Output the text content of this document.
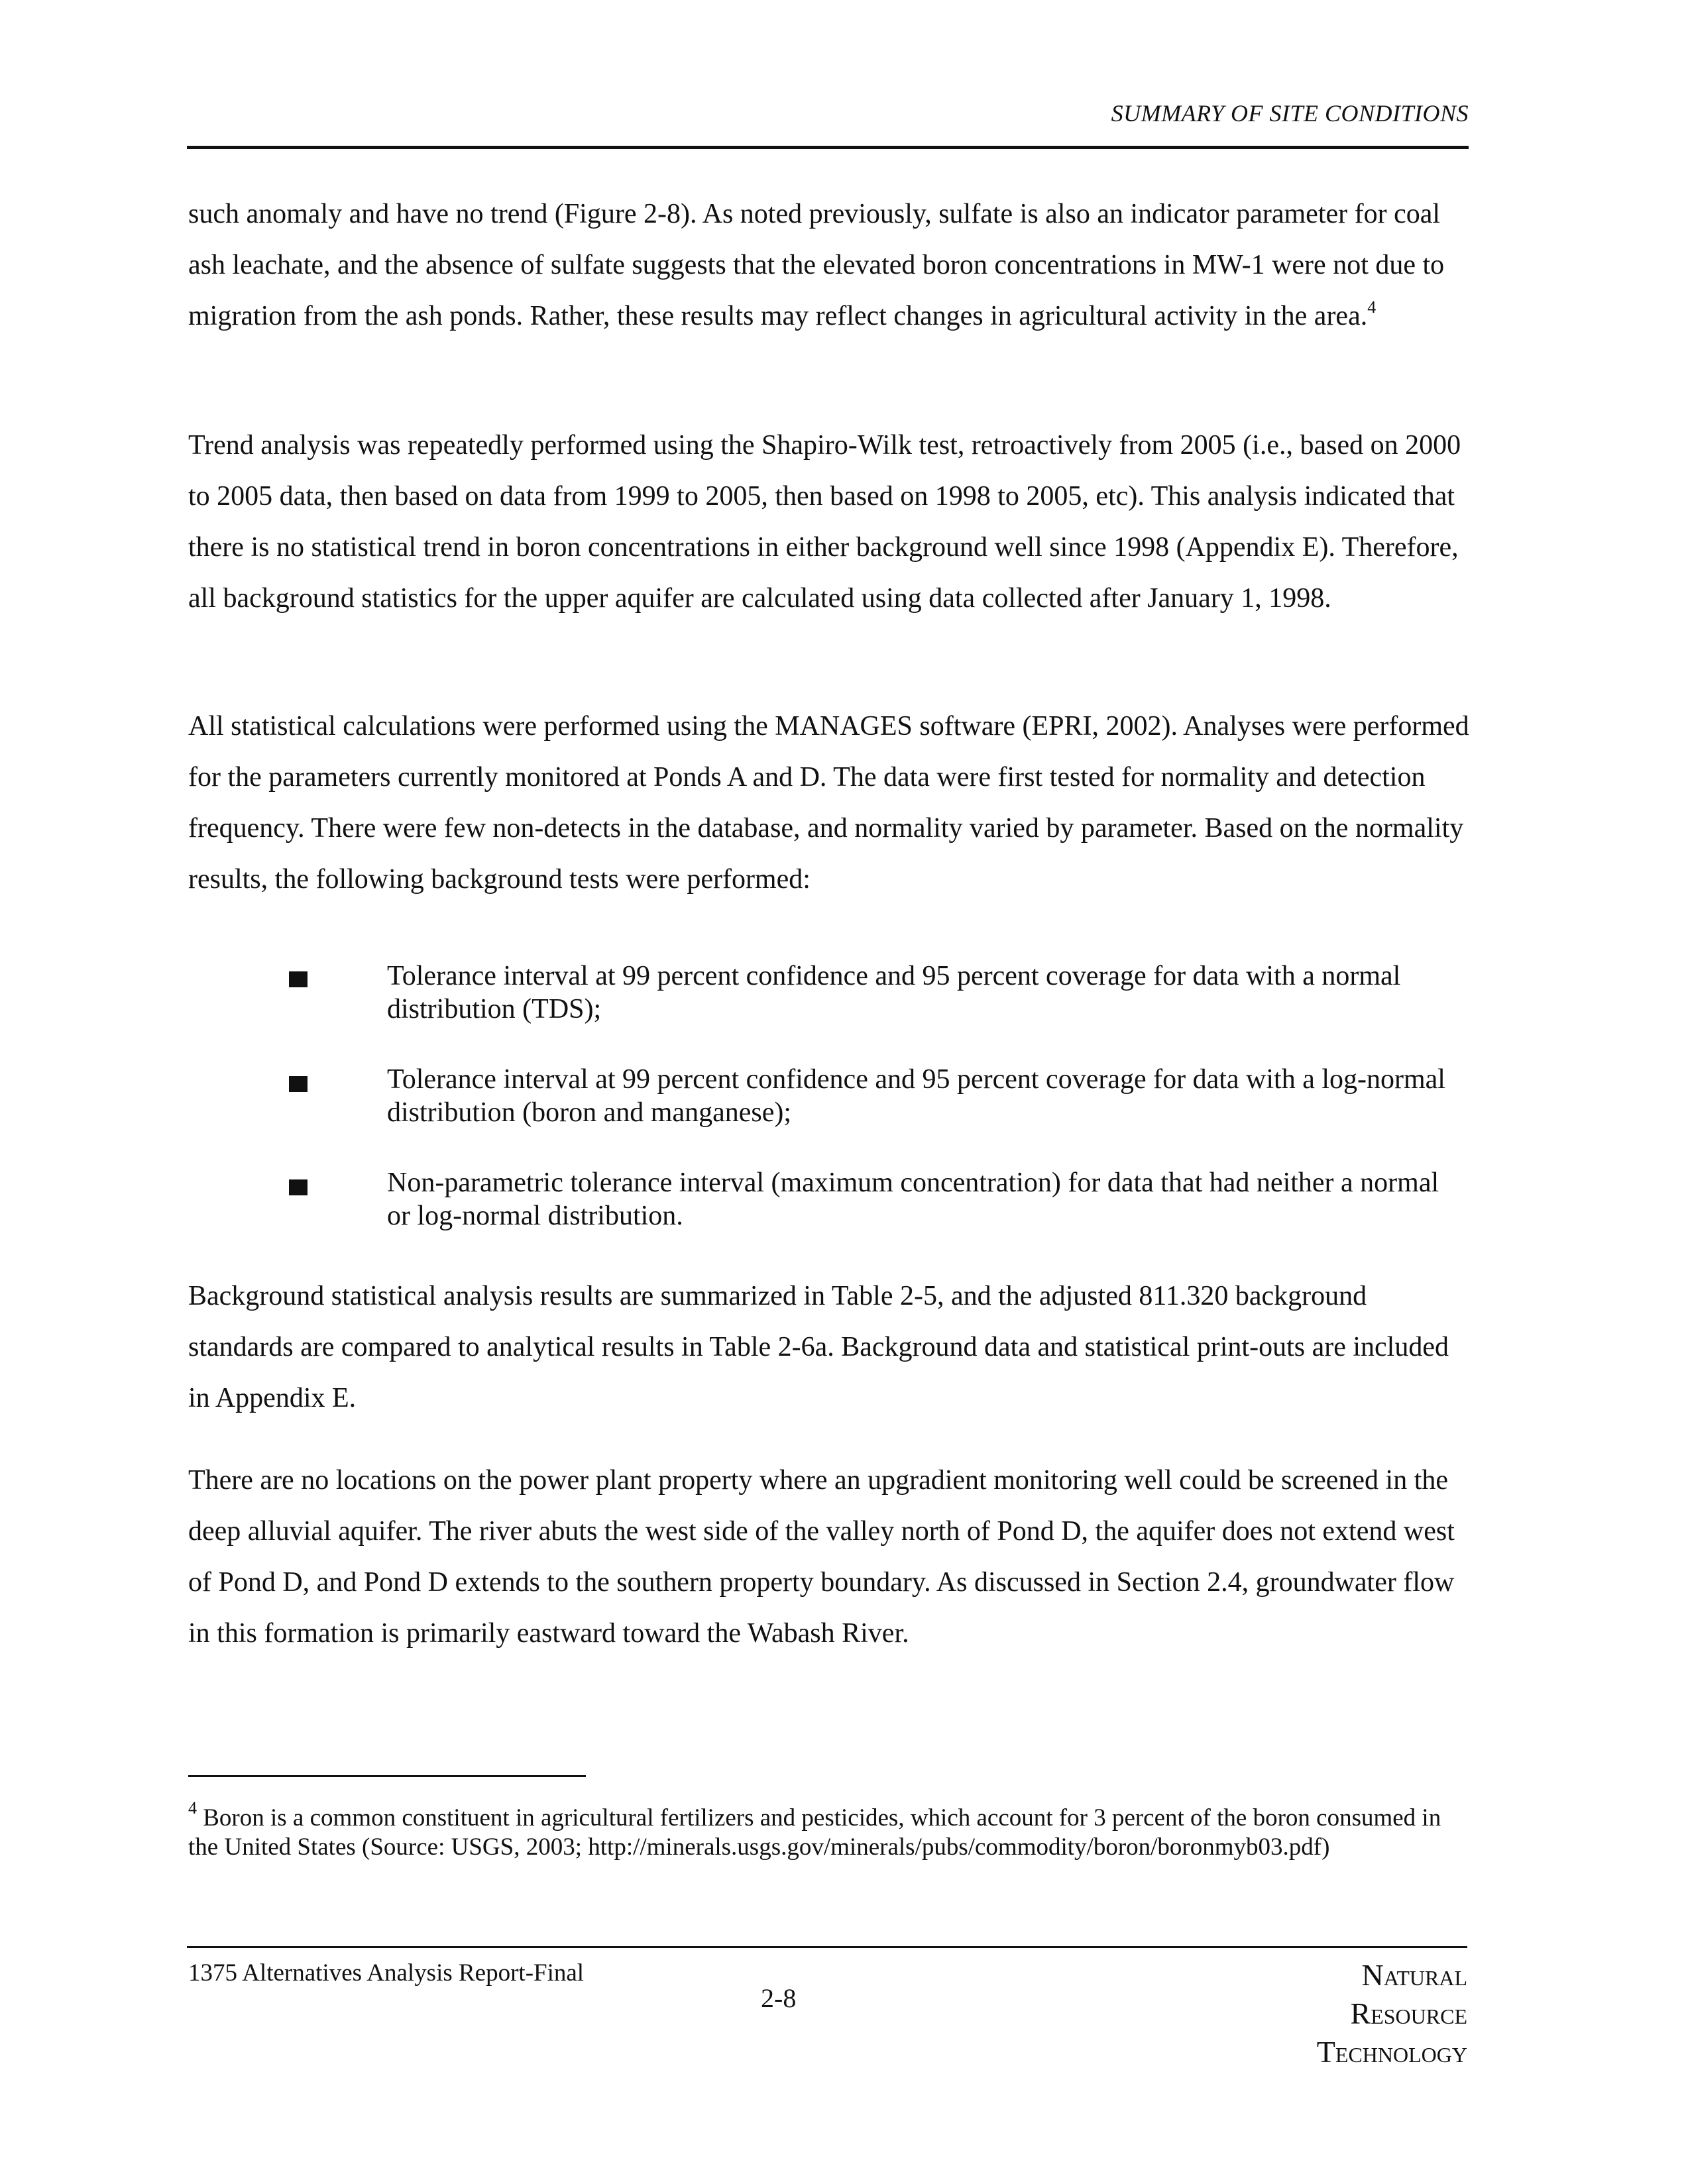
SUMMARY OF SITE CONDITIONS

such anomaly and have no trend (Figure 2-8). As noted previously, sulfate is also an indicator parameter for coal ash leachate, and the absence of sulfate suggests that the elevated boron concentrations in MW-1 were not due to migration from the ash ponds. Rather, these results may reflect changes in agricultural activity in the area.$^4$

Trend analysis was repeatedly performed using the Shapiro-Wilk test, retroactively from 2005 (i.e., based on 2000 to 2005 data, then based on data from 1999 to 2005, then based on 1998 to 2005, etc). This analysis indicated that there is no statistical trend in boron concentrations in either background well since 1998 (Appendix E). Therefore, all background statistics for the upper aquifer are calculated using data collected after January 1, 1998.

All statistical calculations were performed using the MANAGES software (EPRI, 2002). Analyses were performed for the parameters currently monitored at Ponds A and D. The data were first tested for normality and detection frequency. There were few non-detects in the database, and normality varied by parameter. Based on the normality results, the following background tests were performed:

Tolerance interval at 99 percent confidence and 95 percent coverage for data with a normal distribution (TDS);

Tolerance interval at 99 percent confidence and 95 percent coverage for data with a log-normal distribution (boron and manganese);

Non-parametric tolerance interval (maximum concentration) for data that had neither a normal or log-normal distribution.

Background statistical analysis results are summarized in Table 2-5, and the adjusted 811.320 background standards are compared to analytical results in Table 2-6a. Background data and statistical print-outs are included in Appendix E.

There are no locations on the power plant property where an upgradient monitoring well could be screened in the deep alluvial aquifer. The river abuts the west side of the valley north of Pond D, the aquifer does not extend west of Pond D, and Pond D extends to the southern property boundary. As discussed in Section 2.4, groundwater flow in this formation is primarily eastward toward the Wabash River.

$^4$ Boron is a common constituent in agricultural fertilizers and pesticides, which account for 3 percent of the boron consumed in the United States (Source: USGS, 2003; http://minerals.usgs.gov/minerals/pubs/commodity/boron/boronmyb03.pdf)

1375 Alternatives Analysis Report-Final
2-8
Natural
Resource
Technology
